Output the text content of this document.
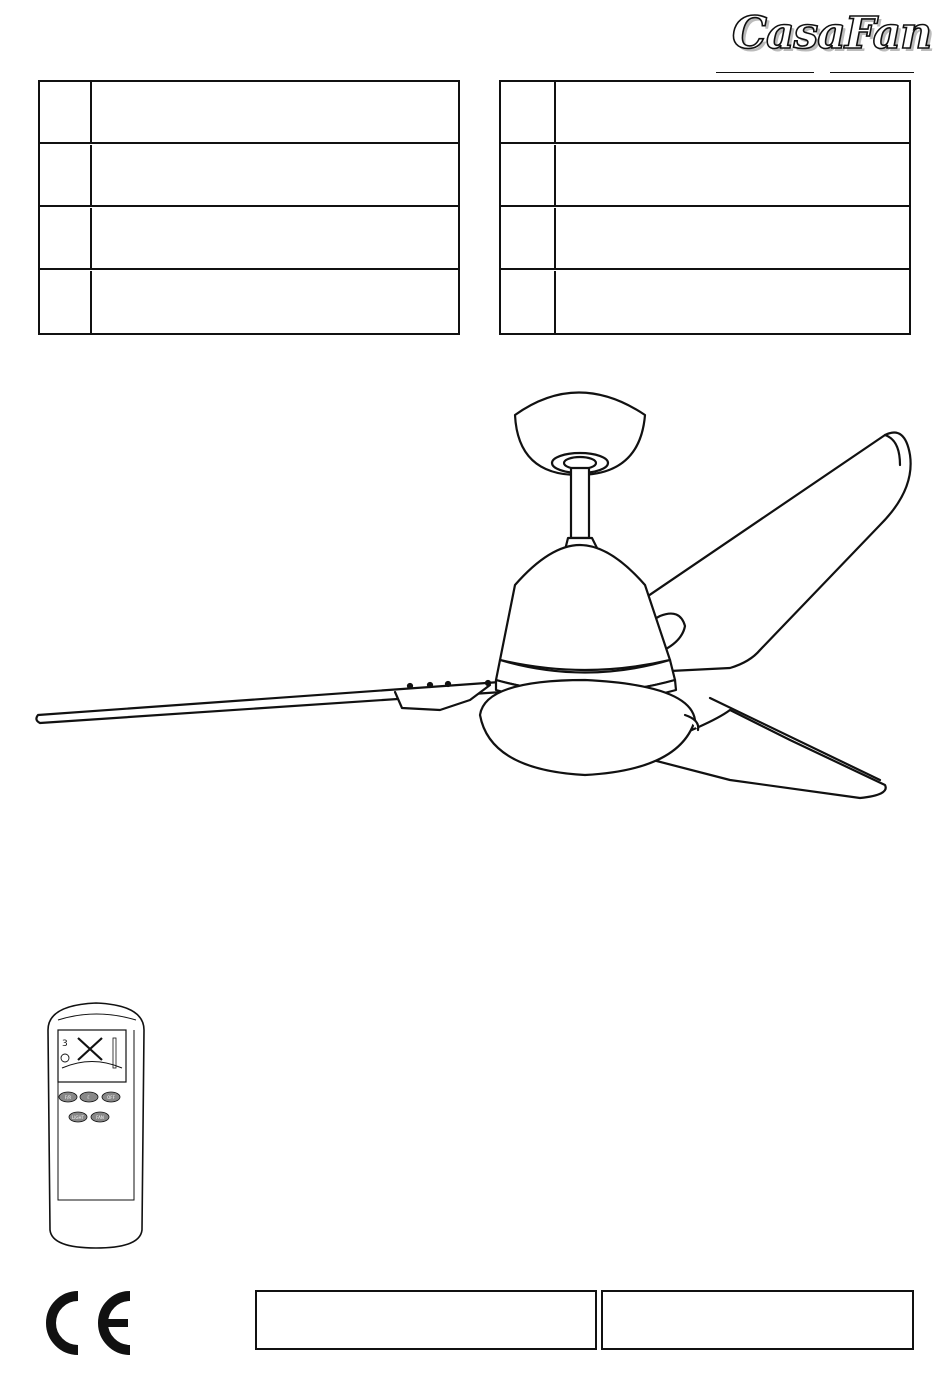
CasaFan
3
F/R	☾	OFF
LIGHT	FAN
